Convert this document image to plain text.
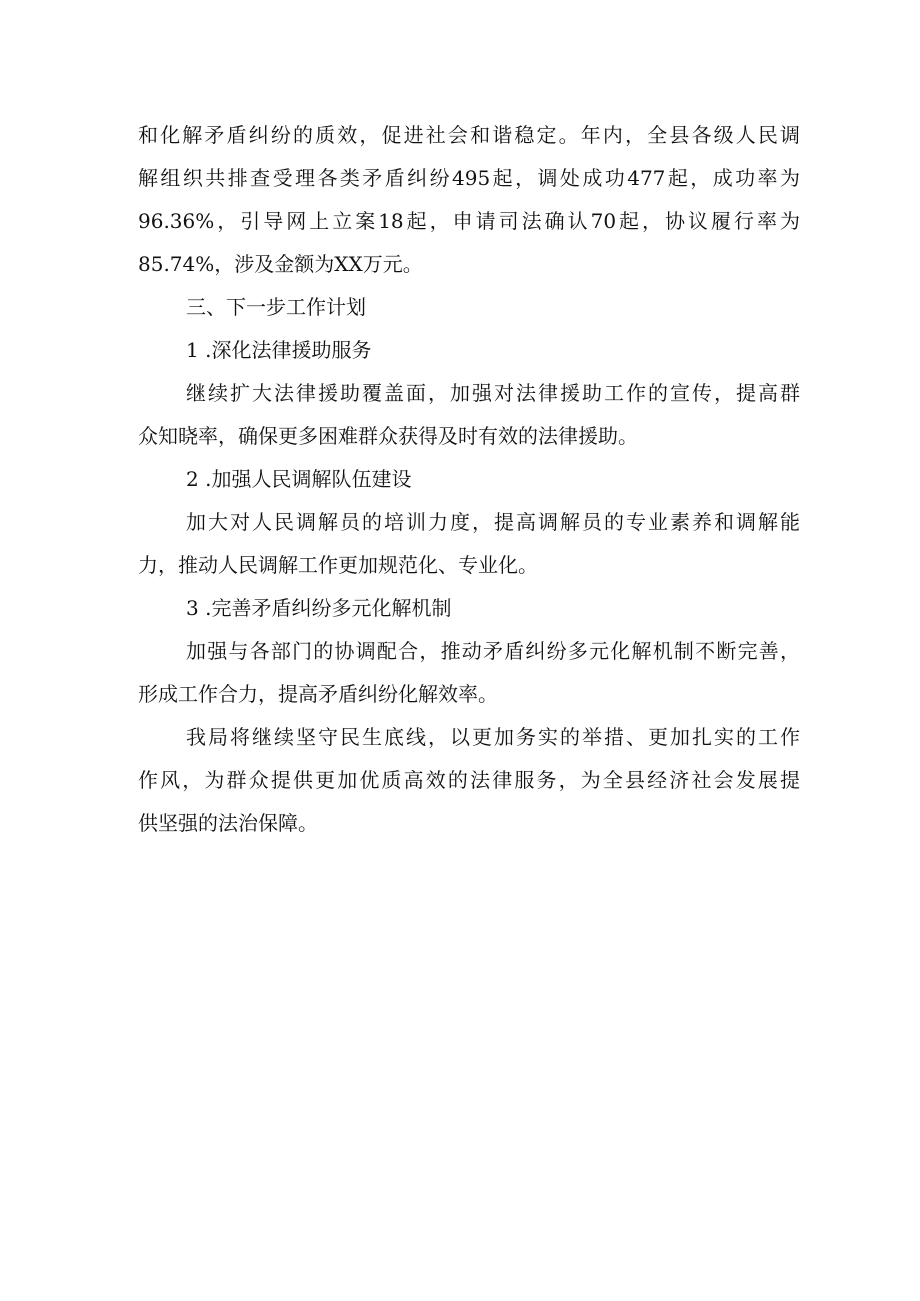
和化解矛盾纠纷的质效，促进社会和谐稳定。年内，全县各级人民调
解组织共排查受理各类矛盾纠纷495起，调处成功477起，成功率为
96.36%，引导网上立案18起，申请司法确认70起，协议履行率为
85.74%，涉及金额为XX万元。
三、下一步工作计划
1 .深化法律援助服务
继续扩大法律援助覆盖面，加强对法律援助工作的宣传，提高群
众知晓率，确保更多困难群众获得及时有效的法律援助。
2 .加强人民调解队伍建设
加大对人民调解员的培训力度，提高调解员的专业素养和调解能
力，推动人民调解工作更加规范化、专业化。
3 .完善矛盾纠纷多元化解机制
加强与各部门的协调配合，推动矛盾纠纷多元化解机制不断完善，
形成工作合力，提高矛盾纠纷化解效率。
我局将继续坚守民生底线，以更加务实的举措、更加扎实的工作
作风，为群众提供更加优质高效的法律服务，为全县经济社会发展提
供坚强的法治保障。
